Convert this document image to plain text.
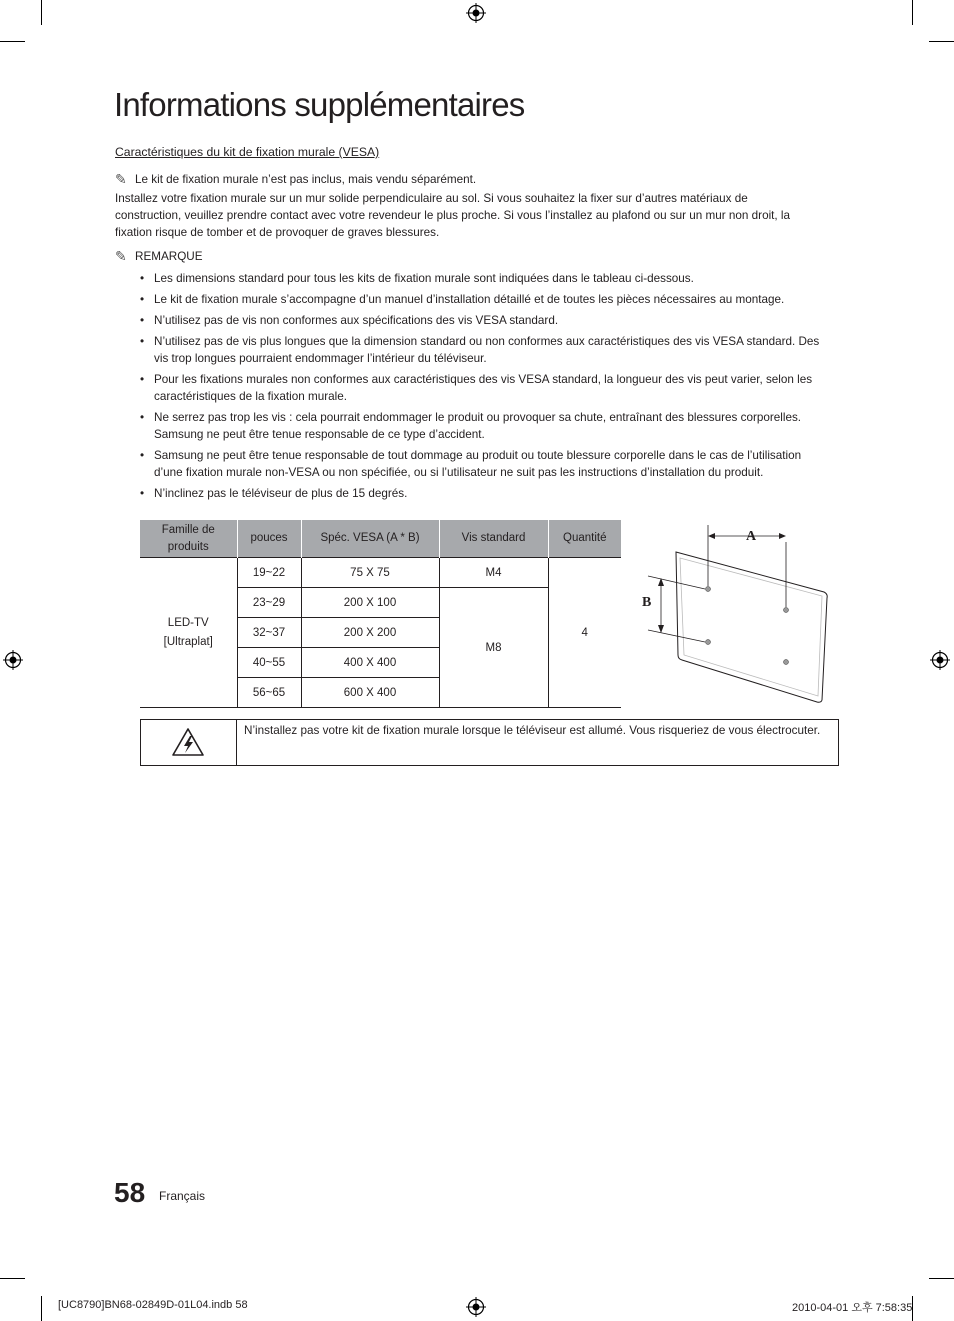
Informations supplémentaires
Caractéristiques du kit de fixation murale (VESA)
✎ Le kit de fixation murale n’est pas inclus, mais vendu séparément.
Installez votre fixation murale sur un mur solide perpendiculaire au sol. Si vous souhaitez la fixer sur d’autres matériaux de construction, veuillez prendre contact avec votre revendeur le plus proche. Si vous l’installez au plafond ou sur un mur non droit, la fixation risque de tomber et de provoquer de graves blessures.
✎ REMARQUE
• Les dimensions standard pour tous les kits de fixation murale sont indiquées dans le tableau ci-dessous.
• Le kit de fixation murale s’accompagne d’un manuel d’installation détaillé et de toutes les pièces nécessaires au montage.
• N’utilisez pas de vis non conformes aux spécifications des vis VESA standard.
• N’utilisez pas de vis plus longues que la dimension standard ou non conformes aux caractéristiques des vis VESA standard. Des vis trop longues pourraient endommager l’intérieur du téléviseur.
• Pour les fixations murales non conformes aux caractéristiques des vis VESA standard, la longueur des vis peut varier, selon les caractéristiques de la fixation murale.
• Ne serrez pas trop les vis : cela pourrait endommager le produit ou provoquer sa chute, entraînant des blessures corporelles. Samsung ne peut être tenue responsable de ce type d’accident.
• Samsung ne peut être tenue responsable de tout dommage au produit ou toute blessure corporelle dans le cas de l’utilisation d’une fixation murale non-VESA ou non spécifiée, ou si l’utilisateur ne suit pas les instructions d’installation du produit.
• N’inclinez pas le téléviseur de plus de 15 degrés.
Famille de produits	pouces	Spéc. VESA (A * B)	Vis standard	Quantité
LED-TV
[Ultraplat]	19~22	75 X 75	M4	4
	23~29	200 X 100	M8	
	32~37	200 X 200		
	40~55	400 X 400		
	56~65	600 X 400		
A
B
N’installez pas votre kit de fixation murale lorsque le téléviseur est allumé. Vous risqueriez de vous électrocuter.
58 Français
[UC8790]BN68-02849D-01L04.indb 58	2010-04-01 오후 7:58:35
